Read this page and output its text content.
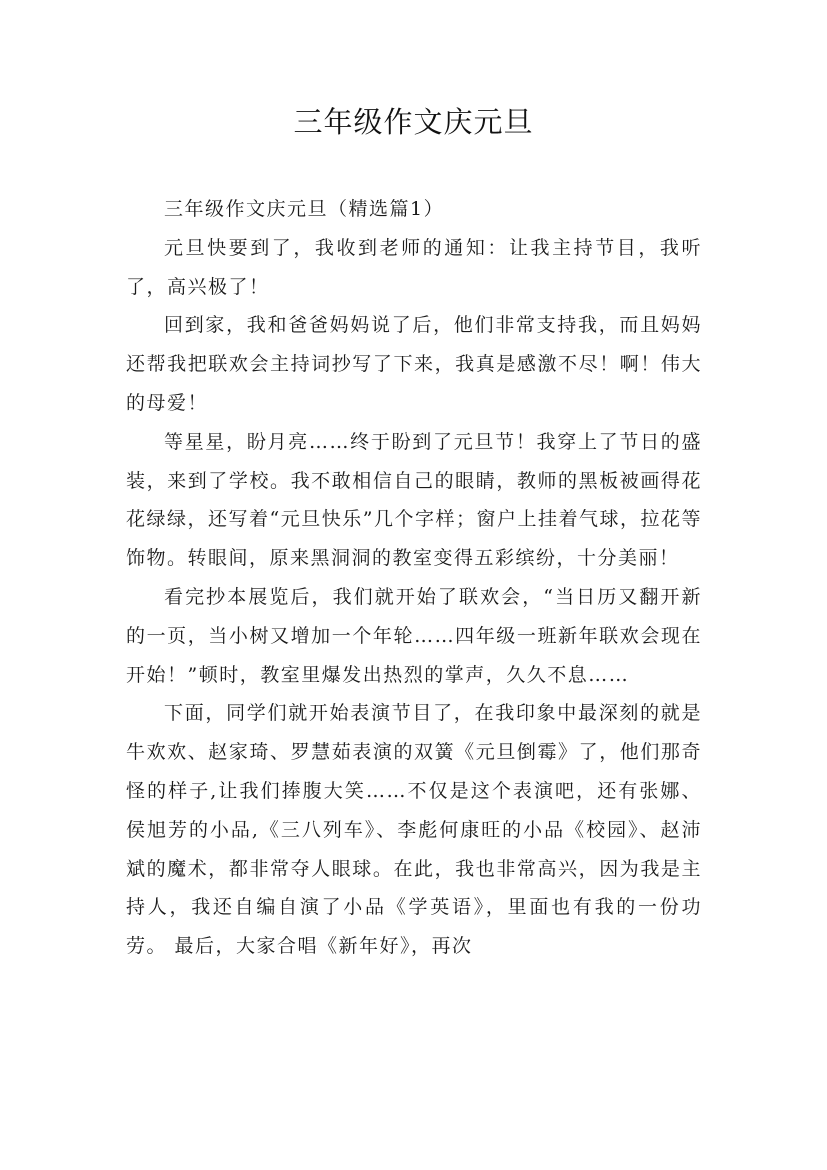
三年级作文庆元旦

三年级作文庆元旦（精选篇1）

元旦快要到了，我收到老师的通知：让我主持节目，我听了，高兴极了！

回到家，我和爸爸妈妈说了后，他们非常支持我，而且妈妈还帮我把联欢会主持词抄写了下来，我真是感激不尽！啊！伟大的母爱！

等星星，盼月亮……终于盼到了元旦节！我穿上了节日的盛装，来到了学校。我不敢相信自己的眼睛，教师的黑板被画得花花绿绿，还写着“元旦快乐”几个字样；窗户上挂着气球，拉花等饰物。转眼间，原来黑洞洞的教室变得五彩缤纷，十分美丽！

看完抄本展览后，我们就开始了联欢会，“当日历又翻开新的一页，当小树又增加一个年轮……四年级一班新年联欢会现在开始！”顿时，教室里爆发出热烈的掌声，久久不息……

下面，同学们就开始表演节目了，在我印象中最深刻的就是牛欢欢、赵家琦、罗慧茹表演的双簧《元旦倒霉》了，他们那奇怪的样子,让我们捧腹大笑……不仅是这个表演吧，还有张娜、侯旭芳的小品,《三八列车》、李彪何康旺的小品《校园》、赵沛斌的魔术，都非常夺人眼球。在此，我也非常高兴，因为我是主持人，我还自编自演了小品《学英语》，里面也有我的一份功劳。 最后，大家合唱《新年好》，再次
